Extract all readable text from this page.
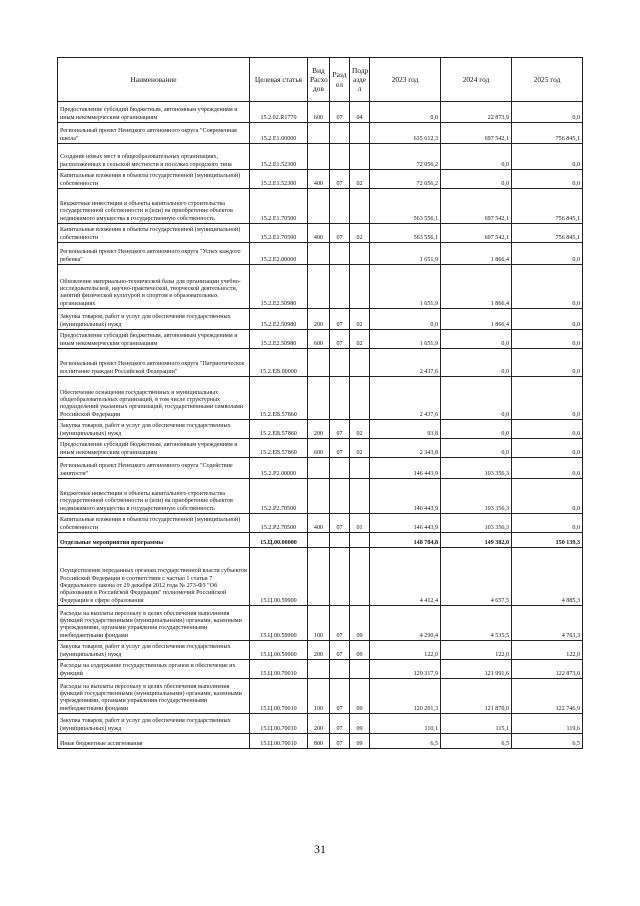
Наименование	Целевая статья	Вид Расхо дов	Разд ел	Подр азде л	2023 год	2024 год	2025 год
Предоставление субсидий бюджетным, автономным учреждениям и иным некоммерческим организациям	15.2.02.R1770	600	07	04	0,0	22 873,9	0,0
Региональный проект Ненецкого автономного округа "Современная школа"	15.2.E1.00000				635 612,3	697 542,1	756 845,1
Создание новых мест в общеобразовательных организациях, расположенных в сельской местности и поселках городского типа	15.2.E1.52300				72 056,2	0,0	0,0
Капитальные вложения в объекты государственной (муниципальной) собственности	15.2.E1.52300	400	07	02	72 056,2	0,0	0,0
Бюджетные инвестиции в объекты капитального строительства государственной собственности и (или) на приобретение объектов недвижимого имущества в государственную собственность	15.2.E1.70500				563 556,1	697 542,1	756 845,1
Капитальные вложения в объекты государственной (муниципальной) собственности	15.2.E1.70500	400	07	02	563 556,1	697 542,1	756 845,1
Региональный проект Ненецкого автономного округа "Успех каждого ребенка"	15.2.E2.00000				1 651,9	1 866,4	0,0
Обновление материально-технической базы для организации учебно-исследовательской, научно-практической, творческой деятельности, занятий физической культурой и спортом в образовательных организациях	15.2.E2.50980				1 651,9	1 866,4	0,0
Закупка товаров, работ и услуг для обеспечения государственных (муниципальных) нужд	15.2.E2.50980	200	07	02	0,0	1 866,4	0,0
Предоставление субсидий бюджетным, автономным учреждениям и иным некоммерческим организациям	15.2.E2.50980	600	07	02	1 651,9	0,0	0,0
Региональный проект Ненецкого автономного округа "Патриотическое воспитание граждан Российской Федерации"	15.2.EB.00000				2 437,6	0,0	0,0
Обеспечение оснащения государственных и муниципальных общеобразовательных организаций, в том числе структурных подразделений указанных организаций, государственными символами Российской Федерации	15.2.EB.57860				2 437,6	0,0	0,0
Закупка товаров, работ и услуг для обеспечения государственных (муниципальных) нужд	15.2.EB.57860	200	07	02	93,8	0,0	0,0
Предоставление субсидий бюджетным, автономным учреждениям и иным некоммерческим организациям	15.2.EB.57860	600	07	02	2 343,8	0,0	0,0
Региональный проект Ненецкого автономного округа "Содействие занятости"	15.2.P2.00000				146 443,9	103 356,3	0,0
Бюджетные инвестиции в объекты капитального строительства государственной собственности и (или) на приобретение объектов недвижимого имущества в государственную собственность	15.2.P2.70500				146 443,9	103 356,3	0,0
Капитальные вложения в объекты государственной (муниципальной) собственности	15.2.P2.70500	400	07	01	146 443,9	103 356,3	0,0
Отдельные мероприятия программы	15.Ц.00.00000				148 784,8	149 382,0	150 139,3
Осуществление переданных органам государственной власти субъектов Российской Федерации в соответствии с частью 1 статьи 7 Федерального закона от 29 декабря 2012 года № 273-ФЗ "Об образовании в Российской Федерации" полномочий Российской Федерации в сфере образования	15.Ц.00.59900				4 412,4	4 657,5	4 885,3
Расходы на выплаты персоналу в целях обеспечения выполнения функций государственными (муниципальными) органами, казенными учреждениями, органами управления государственными внебюджетными фондами	15.Ц.00.59900	100	07	09	4 290,4	4 535,5	4 763,3
Закупка товаров, работ и услуг для обеспечения государственных (муниципальных) нужд	15.Ц.00.59900	200	07	09	122,0	122,0	122,0
Расходы на содержание государственных органов и обеспечение их функций	15.Ц.00.70010				120 317,9	121 991,6	122 873,0
Расходы на выплаты персоналу в целях обеспечения выполнения функций государственными (муниципальными) органами, казенными учреждениями, органами управления государственными внебюджетными фондами	15.Ц.00.70010	100	07	09	120 201,3	121 870,0	122 746,9
Закупка товаров, работ и услуг для обеспечения государственных (муниципальных) нужд	15.Ц.00.70010	200	07	09	110,1	115,1	119,6
Иные бюджетные ассигнования	15.Ц.00.70010	800	07	09	6,5	6,5	6,5
31
